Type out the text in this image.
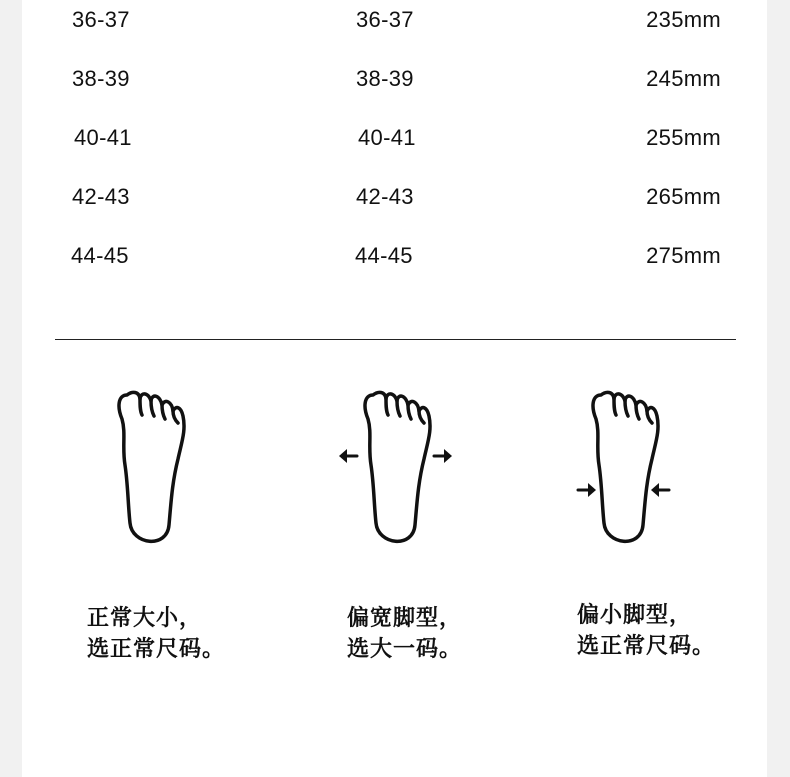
36-37	36-37	235mm
38-39	38-39	245mm
40-41	40-41	255mm
42-43	42-43	265mm
44-45	44-45	275mm
正常大小，
选正常尺码。
偏宽脚型，
选大一码。
偏小脚型，
选正常尺码。
